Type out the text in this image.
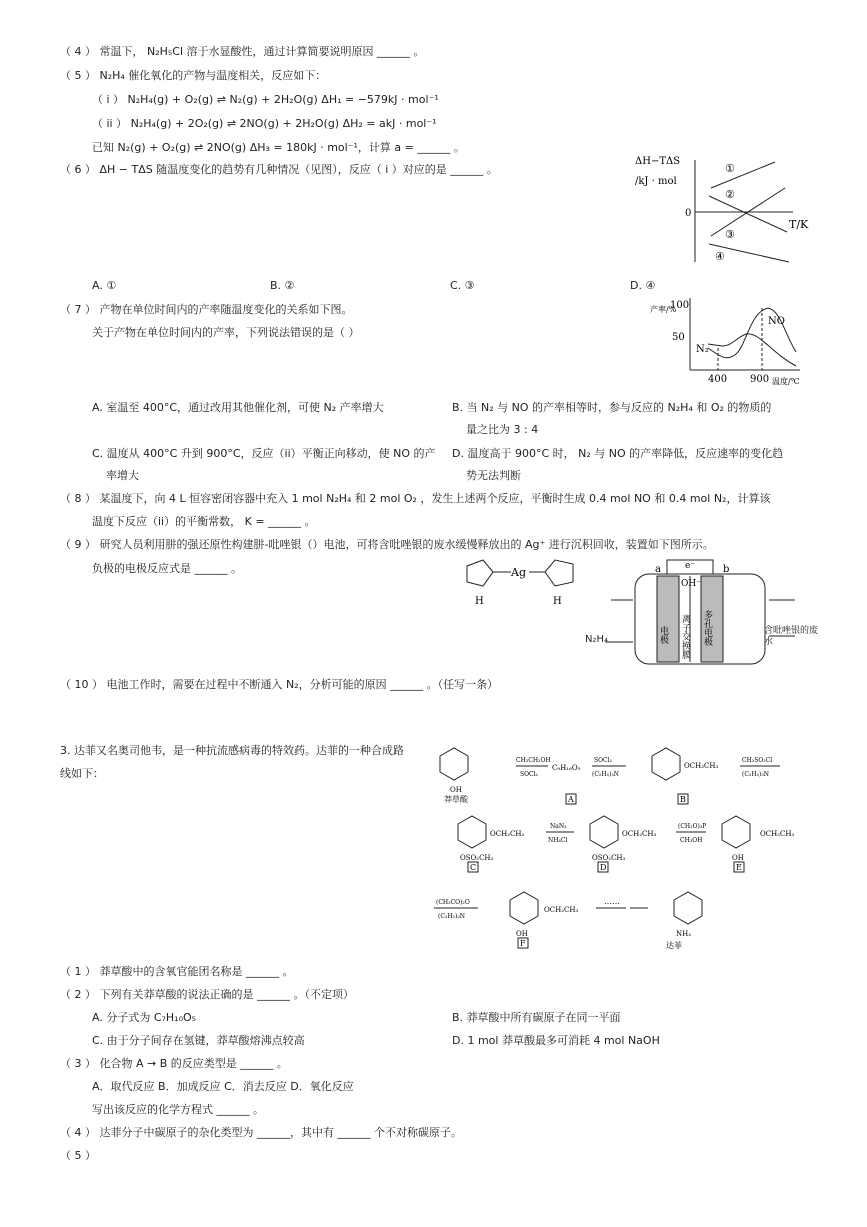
（ 4 ） 常温下， N₂H₅Cl 溶于水显酸性，通过计算简要说明原因 ______ 。
（ 5 ） N₂H₄ 催化氧化的产物与温度相关，反应如下：
（ i ） N₂H₄(g) + O₂(g) ⇌ N₂(g) + 2H₂O(g) ΔH₁ = −579kJ · mol⁻¹
（ ii ） N₂H₄(g) + 2O₂(g) ⇌ 2NO(g) + 2H₂O(g) ΔH₂ = akJ · mol⁻¹
已知 N₂(g) + O₂(g) ⇌ 2NO(g) ΔH₃ = 180kJ · mol⁻¹，计算 a = ______ 。
（ 6 ） ΔH − TΔS 随温度变化的趋势有几种情况（见图），反应（ i ）对应的是 ______ 。
ΔH−TΔS
/kJ · mol
0
T/K
①
②
③
④
A. ①	B. ②	C. ③	D. ④
（ 7 ） 产物在单位时间内的产率随温度变化的关系如下图。
关于产物在单位时间内的产率，下列说法错误的是（ ）
产率/%
100
50
N₂
NO
400 900 温度/℃
A. 室温至 400°C，通过改用其他催化剂，可使 N₂ 产率增大	B. 当 N₂ 与 NO 的产率相等时，参与反应的 N₂H₄ 和 O₂ 的物质的
量之比为 3 : 4
C. 温度从 400°C 升到 900°C，反应（ii）平衡正向移动，使 NO 的产
率增大
D. 温度高于 900°C 时， N₂ 与 NO 的产率降低，反应速率的变化趋
势无法判断
（ 8 ） 某温度下，向 4 L 恒容密闭容器中充入 1 mol N₂H₄ 和 2 mol O₂ ，发生上述两个反应，平衡时生成 0.4 mol NO 和 0.4 mol N₂，计算该
温度下反应（ii）的平衡常数， K = ______ 。
（ 9 ） 研究人员利用肼的强还原性构建肼-吡唑银（）电池，可将含吡唑银的废水缓慢释放出的 Ag⁺ 进行沉积回收，装置如下图所示。
负极的电极反应式是 ______ 。	Ag
H	H
a	b
e⁻
OH⁻
电极 离子交换膜 多孔电极
N₂H₄
含吡唑银的废水
（ 10 ） 电池工作时，需要在过程中不断通入 N₂，分析可能的原因 ______ 。（任写一条）
3. 达菲又名奥司他韦，是一种抗流感病毒的特效药。达菲的一种合成路
线如下：
莽草酸
OH
CH₃CH₂OH
SOCl₂
C₉H₁₆O₅
A
SOCl₂
(C₂H₅)₃N
OCH₂CH₃
B
CH₃SO₂Cl
(C₂H₅)₃N
OCH₂CH₃
OSO₂CH₃
C
NaN₃
NH₄Cl
OCH₂CH₃
OSO₂CH₃
D
(CH₃O)₃P
CH₃OH
OCH₂CH₃
OH
E
(CH₃CO)₂O
(C₂H₅)₃N
OCH₂CH₃
OH
F
……
NH₂
达菲
（ 1 ） 莽草酸中的含氧官能团名称是 ______ 。
（ 2 ） 下列有关莽草酸的说法正确的是 ______ 。（不定项）
A. 分子式为 C₇H₁₀O₅	B. 莽草酸中所有碳原子在同一平面
C. 由于分子间存在氢键，莽草酸熔沸点较高	D. 1 mol 莽草酸最多可消耗 4 mol NaOH
（ 3 ） 化合物 A → B 的反应类型是 ______ 。
A．取代反应 B．加成反应 C．消去反应 D．氧化反应
写出该反应的化学方程式 ______ 。
（ 4 ） 达菲分子中碳原子的杂化类型为 ______，其中有 ______ 个不对称碳原子。
（ 5 ）
